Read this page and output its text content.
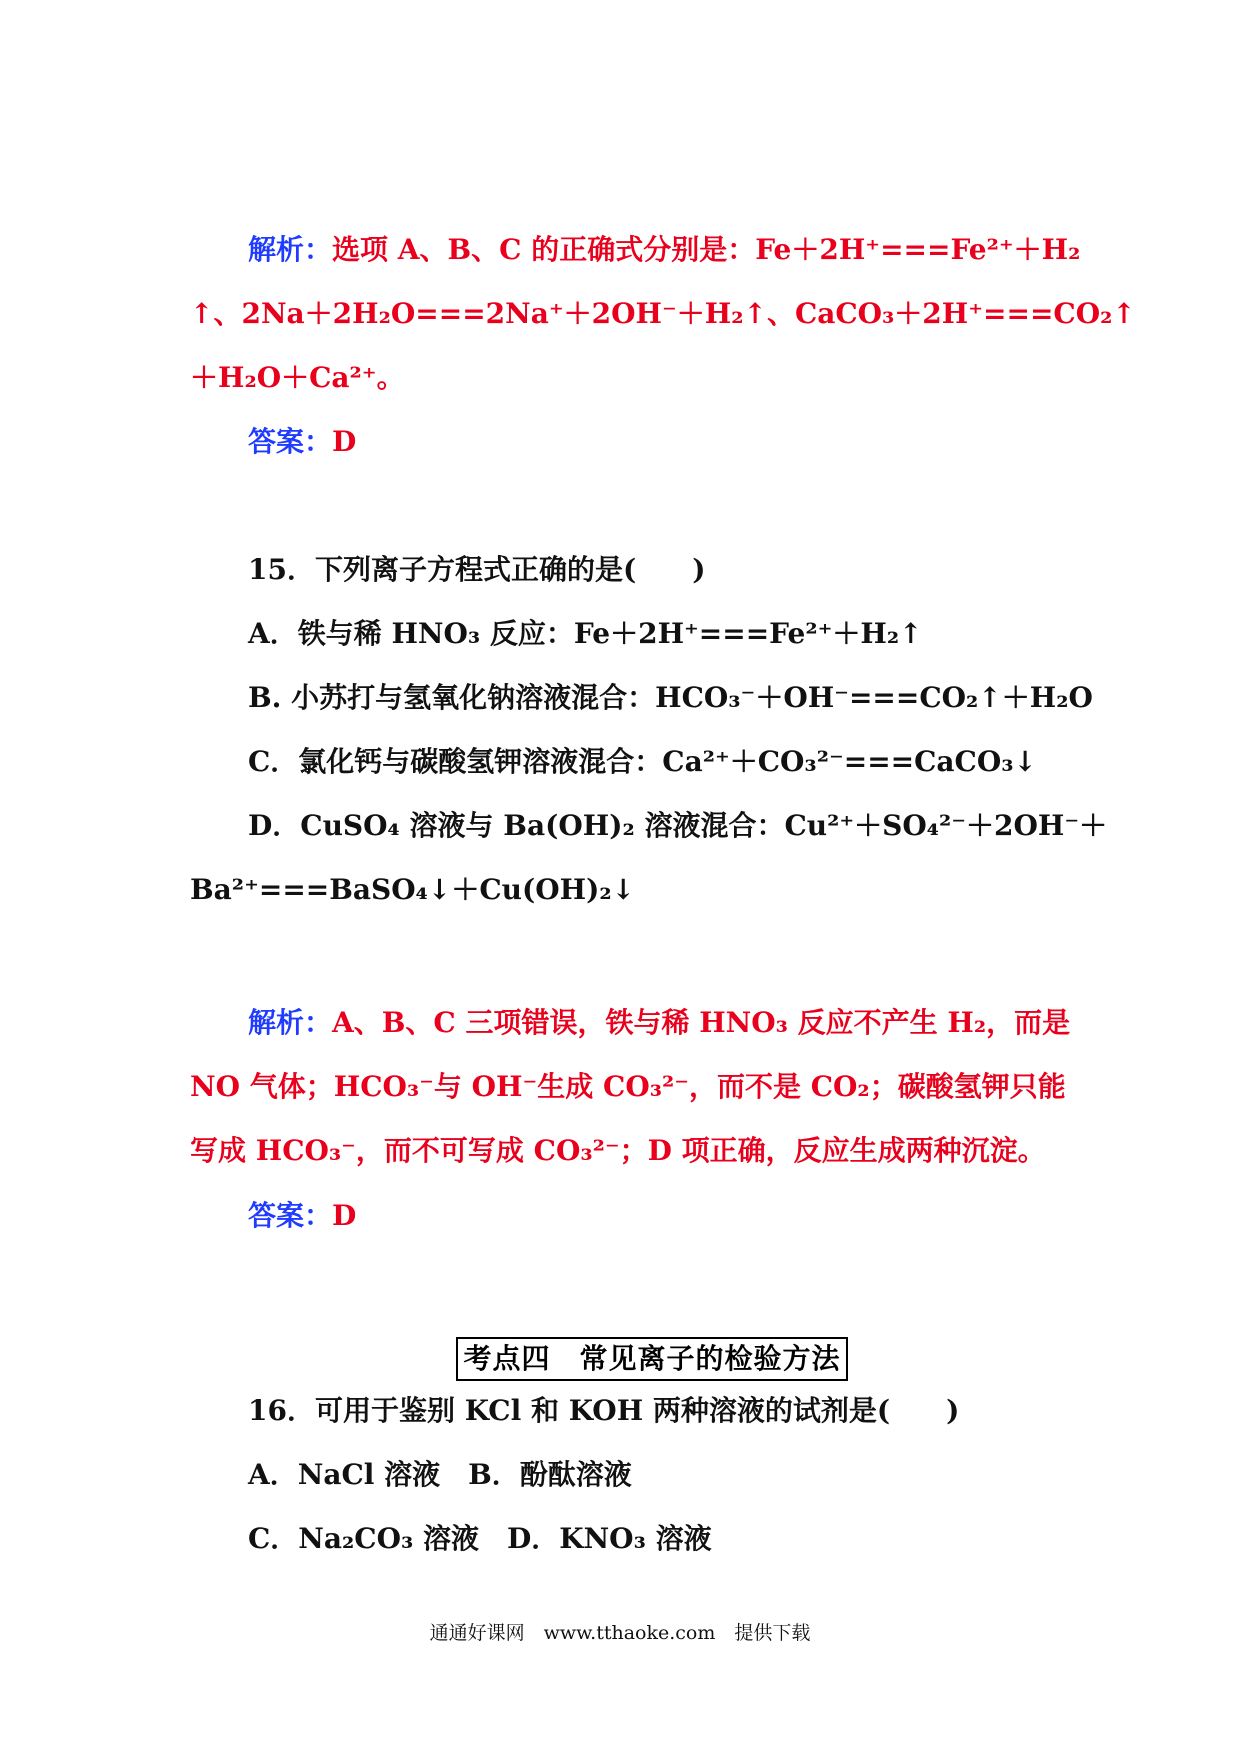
解析：选项 A、B、C 的正确式分别是：Fe＋2H⁺===Fe²⁺＋H₂
↑、2Na＋2H₂O===2Na⁺＋2OH⁻＋H₂↑、CaCO₃＋2H⁺===CO₂↑
＋H₂O＋Ca²⁺。
答案：D
15．下列离子方程式正确的是(　　)
A．铁与稀 HNO₃ 反应：Fe＋2H⁺===Fe²⁺＋H₂↑
B. 小苏打与氢氧化钠溶液混合：HCO₃⁻＋OH⁻===CO₂↑＋H₂O
C．氯化钙与碳酸氢钾溶液混合：Ca²⁺＋CO₃²⁻===CaCO₃↓
D．CuSO₄ 溶液与 Ba(OH)₂ 溶液混合：Cu²⁺＋SO₄²⁻＋2OH⁻＋
Ba²⁺===BaSO₄↓＋Cu(OH)₂↓
解析：A、B、C 三项错误，铁与稀 HNO₃ 反应不产生 H₂，而是
NO 气体；HCO₃⁻与 OH⁻生成 CO₃²⁻，而不是 CO₂；碳酸氢钾只能
写成 HCO₃⁻，而不可写成 CO₃²⁻；D 项正确，反应生成两种沉淀。
答案：D
考点四　常见离子的检验方法
16．可用于鉴别 KCl 和 KOH 两种溶液的试剂是(　　)
A．NaCl 溶液　B．酚酞溶液
C．Na₂CO₃ 溶液　D．KNO₃ 溶液
通通好课网　www.tthaoke.com　提供下载
